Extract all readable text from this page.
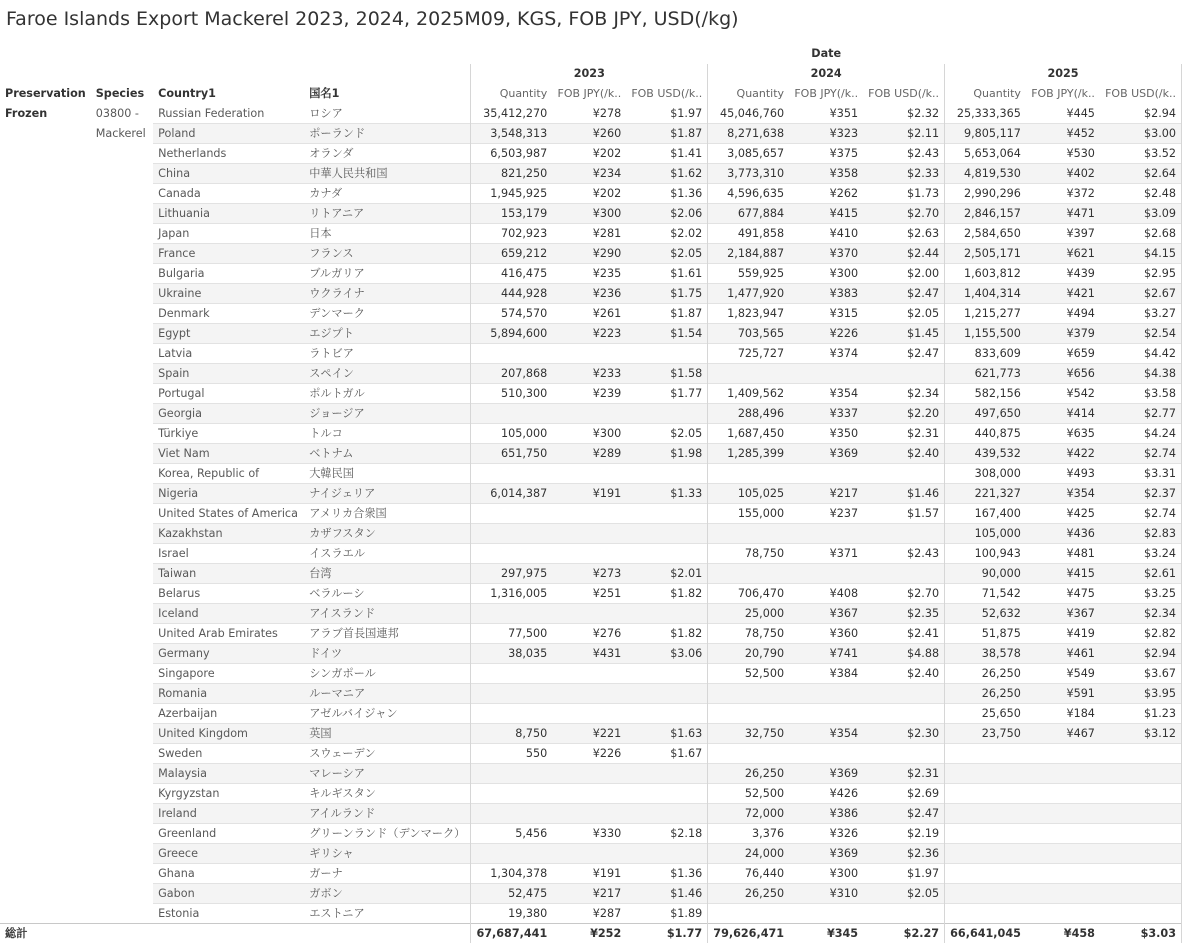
Faroe Islands Export Mackerel 2023, 2024, 2025M09, KGS, FOB JPY, USD(/kg)
				Date								
				2023			2024			2025		
Preservation	Species	Country1	国名1	Quantity	FOB JPY(/k..	FOB USD(/k..	Quantity	FOB JPY(/k..	FOB USD(/k..	Quantity	FOB JPY(/k..	FOB USD(/k..
Frozen	03800 -	Russian Federation	ロシア	35,412,270	¥278	$1.97	45,046,760	¥351	$2.32	25,333,365	¥445	$2.94
	Mackerel	Poland	ポーランド	3,548,313	¥260	$1.87	8,271,638	¥323	$2.11	9,805,117	¥452	$3.00
		Netherlands	オランダ	6,503,987	¥202	$1.41	3,085,657	¥375	$2.43	5,653,064	¥530	$3.52
		China	中華人民共和国	821,250	¥234	$1.62	3,773,310	¥358	$2.33	4,819,530	¥402	$2.64
		Canada	カナダ	1,945,925	¥202	$1.36	4,596,635	¥262	$1.73	2,990,296	¥372	$2.48
		Lithuania	リトアニア	153,179	¥300	$2.06	677,884	¥415	$2.70	2,846,157	¥471	$3.09
		Japan	日本	702,923	¥281	$2.02	491,858	¥410	$2.63	2,584,650	¥397	$2.68
		France	フランス	659,212	¥290	$2.05	2,184,887	¥370	$2.44	2,505,171	¥621	$4.15
		Bulgaria	ブルガリア	416,475	¥235	$1.61	559,925	¥300	$2.00	1,603,812	¥439	$2.95
		Ukraine	ウクライナ	444,928	¥236	$1.75	1,477,920	¥383	$2.47	1,404,314	¥421	$2.67
		Denmark	デンマーク	574,570	¥261	$1.87	1,823,947	¥315	$2.05	1,215,277	¥494	$3.27
		Egypt	エジプト	5,894,600	¥223	$1.54	703,565	¥226	$1.45	1,155,500	¥379	$2.54
		Latvia	ラトビア				725,727	¥374	$2.47	833,609	¥659	$4.42
		Spain	スペイン	207,868	¥233	$1.58				621,773	¥656	$4.38
		Portugal	ポルトガル	510,300	¥239	$1.77	1,409,562	¥354	$2.34	582,156	¥542	$3.58
		Georgia	ジョージア				288,496	¥337	$2.20	497,650	¥414	$2.77
		Türkiye	トルコ	105,000	¥300	$2.05	1,687,450	¥350	$2.31	440,875	¥635	$4.24
		Viet Nam	ベトナム	651,750	¥289	$1.98	1,285,399	¥369	$2.40	439,532	¥422	$2.74
		Korea, Republic of	大韓民国							308,000	¥493	$3.31
		Nigeria	ナイジェリア	6,014,387	¥191	$1.33	105,025	¥217	$1.46	221,327	¥354	$2.37
		United States of America	アメリカ合衆国				155,000	¥237	$1.57	167,400	¥425	$2.74
		Kazakhstan	カザフスタン							105,000	¥436	$2.83
		Israel	イスラエル				78,750	¥371	$2.43	100,943	¥481	$3.24
		Taiwan	台湾	297,975	¥273	$2.01				90,000	¥415	$2.61
		Belarus	ベラルーシ	1,316,005	¥251	$1.82	706,470	¥408	$2.70	71,542	¥475	$3.25
		Iceland	アイスランド				25,000	¥367	$2.35	52,632	¥367	$2.34
		United Arab Emirates	アラブ首長国連邦	77,500	¥276	$1.82	78,750	¥360	$2.41	51,875	¥419	$2.82
		Germany	ドイツ	38,035	¥431	$3.06	20,790	¥741	$4.88	38,578	¥461	$2.94
		Singapore	シンガポール				52,500	¥384	$2.40	26,250	¥549	$3.67
		Romania	ルーマニア							26,250	¥591	$3.95
		Azerbaijan	アゼルバイジャン							25,650	¥184	$1.23
		United Kingdom	英国	8,750	¥221	$1.63	32,750	¥354	$2.30	23,750	¥467	$3.12
		Sweden	スウェーデン	550	¥226	$1.67						
		Malaysia	マレーシア				26,250	¥369	$2.31			
		Kyrgyzstan	キルギスタン				52,500	¥426	$2.69			
		Ireland	アイルランド				72,000	¥386	$2.47			
		Greenland	グリーンランド（デンマーク）	5,456	¥330	$2.18	3,376	¥326	$2.19			
		Greece	ギリシャ				24,000	¥369	$2.36			
		Ghana	ガーナ	1,304,378	¥191	$1.36	76,440	¥300	$1.97			
		Gabon	ガボン	52,475	¥217	$1.46	26,250	¥310	$2.05			
		Estonia	エストニア	19,380	¥287	$1.89						
総計				67,687,441	¥252	$1.77	79,626,471	¥345	$2.27	66,641,045	¥458	$3.03
